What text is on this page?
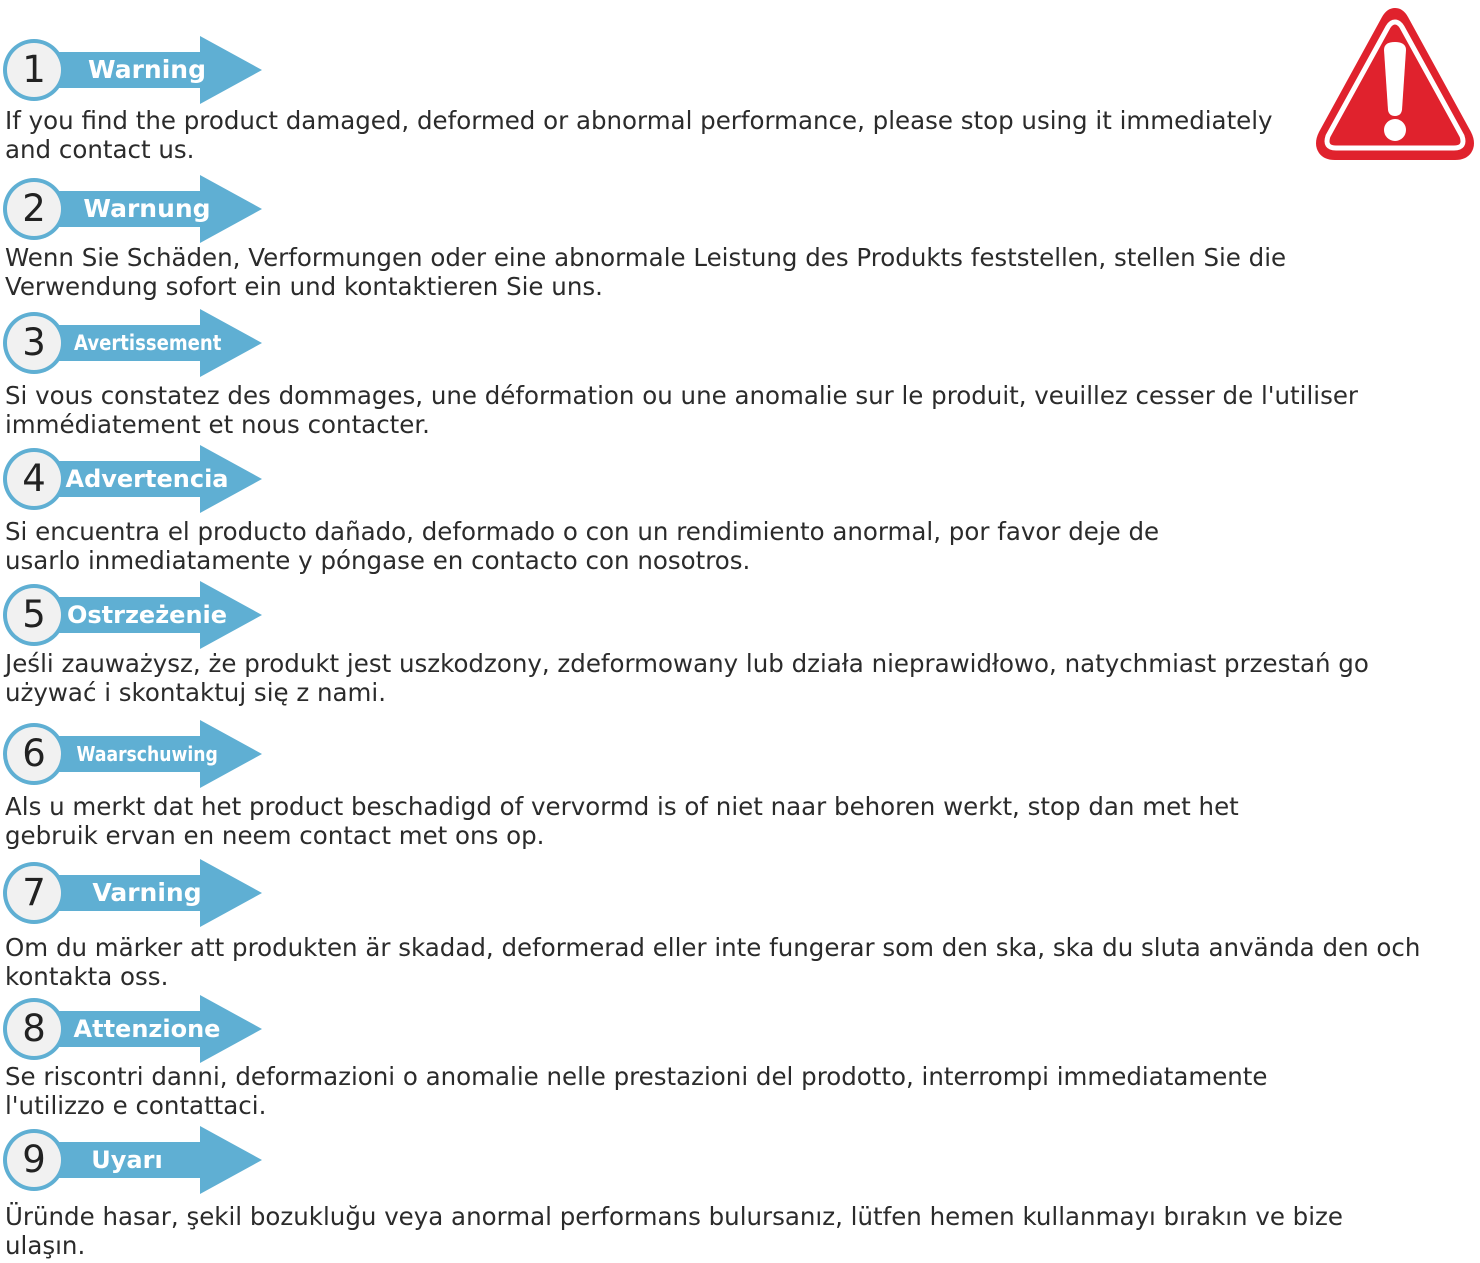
1	Warning

If you find the product damaged, deformed or abnormal performance, please stop using it immediately and contact us.

2	Warnung

Wenn Sie Schäden, Verformungen oder eine abnormale Leistung des Produkts feststellen, stellen Sie die Verwendung sofort ein und kontaktieren Sie uns.

3	Avertissement

Si vous constatez des dommages, une déformation ou une anomalie sur le produit, veuillez cesser de l'utiliser immédiatement et nous contacter.

4 Advertencia

Si encuentra el producto dañado, deformado o con un rendimiento anormal, por favor deje de usarlo inmediatamente y póngase en contacto con nosotros.

5 Ostrzeżenie

Jeśli zauważysz, że produkt jest uszkodzony, zdeformowany lub działa nieprawidłowo, natychmiast przestań go używać i skontaktuj się z nami.

6	Waarschuwing

Als u merkt dat het product beschadigd of vervormd is of niet naar behoren werkt, stop dan met het gebruik ervan en neem contact met ons op.

7	Varning

Om du märker att produkten är skadad, deformerad eller inte fungerar som den ska, ska du sluta använda den och kontakta oss.

8	Attenzione

Se riscontri danni, deformazioni o anomalie nelle prestazioni del prodotto, interrompi immediatamente l'utilizzo e contattaci.

9	Uyarı

Üründe hasar, şekil bozukluğu veya anormal performans bulursanız, lütfen hemen kullanmayı bırakın ve bize ulaşın.
